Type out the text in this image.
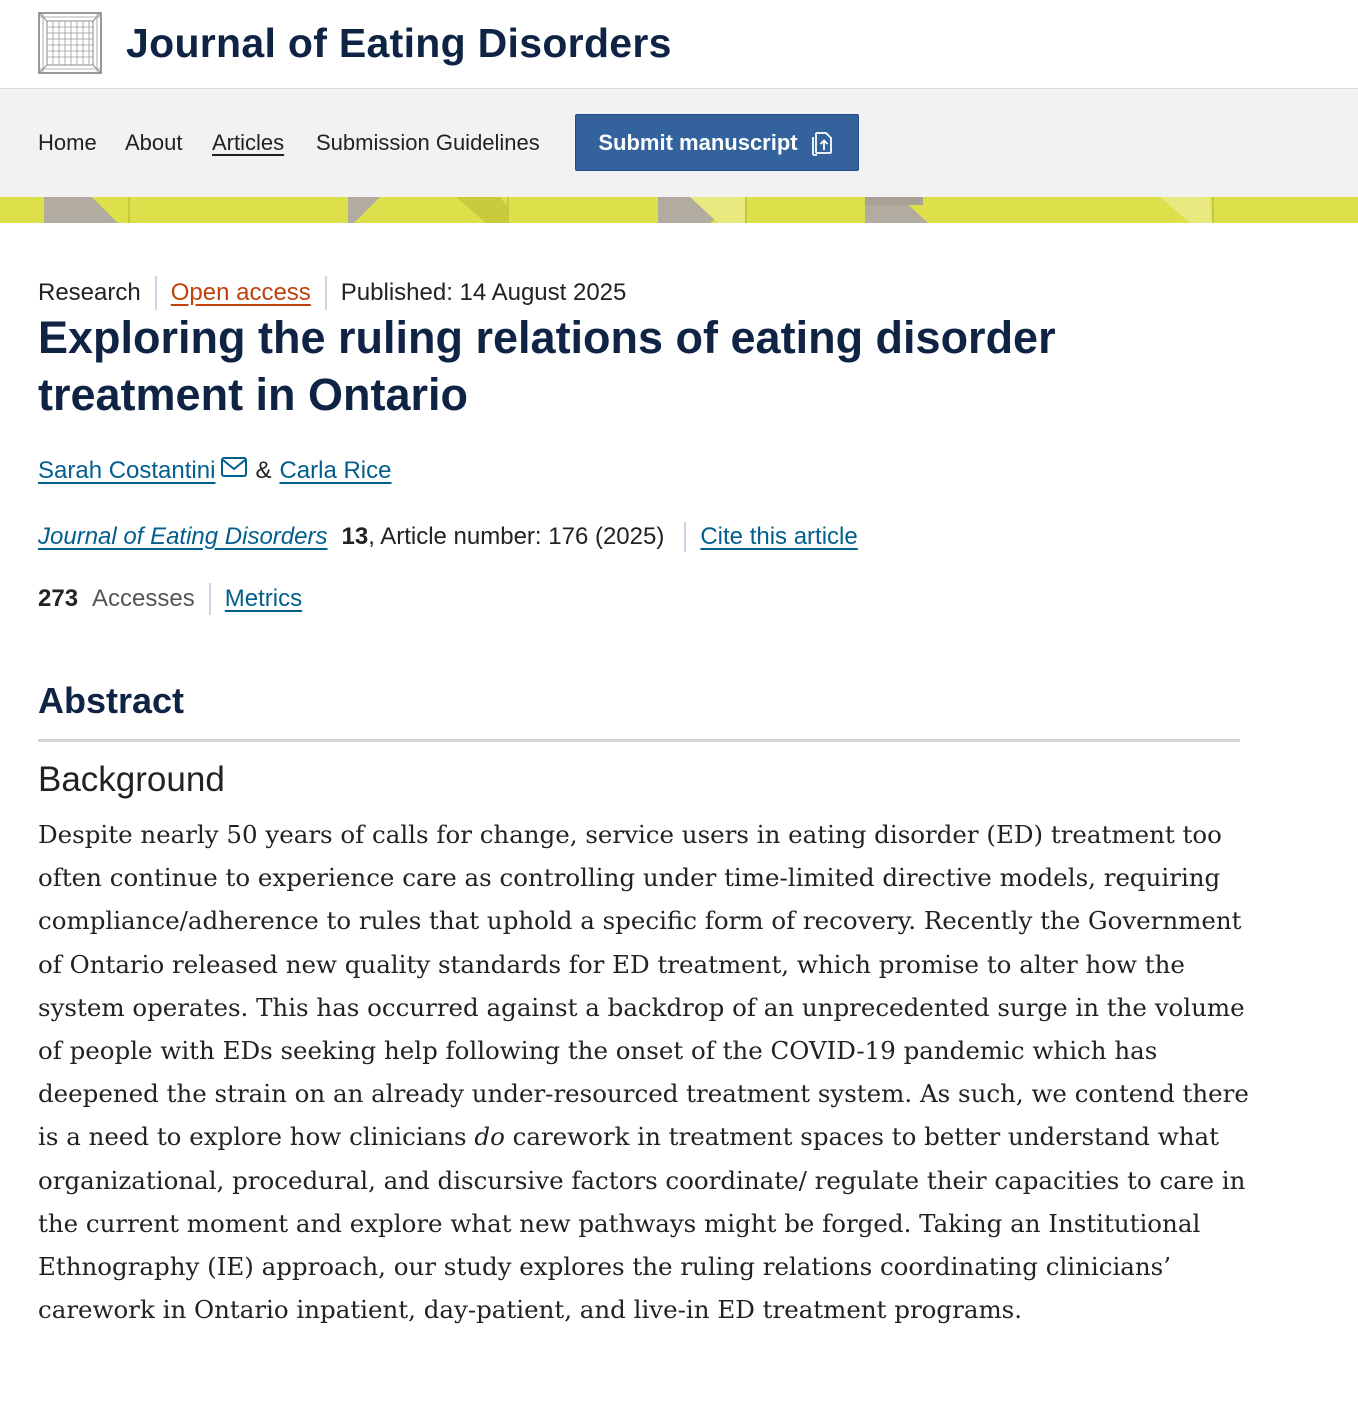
Journal of Eating Disorders
Home About Articles Submission Guidelines	Submit manuscript
Research Open access Published: 14 August 2025
Exploring the ruling relations of eating disorder treatment in Ontario
Sarah Costantini & Carla Rice
Journal of Eating Disorders 13 , Article number: 176 (2025) Cite this article
273 Accesses Metrics
Abstract
Background

Despite nearly 50 years of calls for change, service users in eating disorder (ED) treatment too often continue to experience care as controlling under time-limited directive models, requiring compliance/adherence to rules that uphold a specific form of recovery. Recently the Government of Ontario released new quality standards for ED treatment, which promise to alter how the system operates. This has occurred against a backdrop of an unprecedented surge in the volume of people with EDs seeking help following the onset of the COVID-19 pandemic which has deepened the strain on an already under-resourced treatment system. As such, we contend there is a need to explore how clinicians do carework in treatment spaces to better understand what organizational, procedural, and discursive factors coordinate/ regulate their capacities to care in the current moment and explore what new pathways might be forged. Taking an Institutional Ethnography (IE) approach, our study explores the ruling relations coordinating clinicians’ carework in Ontario inpatient, day-patient, and live-in ED treatment programs.
